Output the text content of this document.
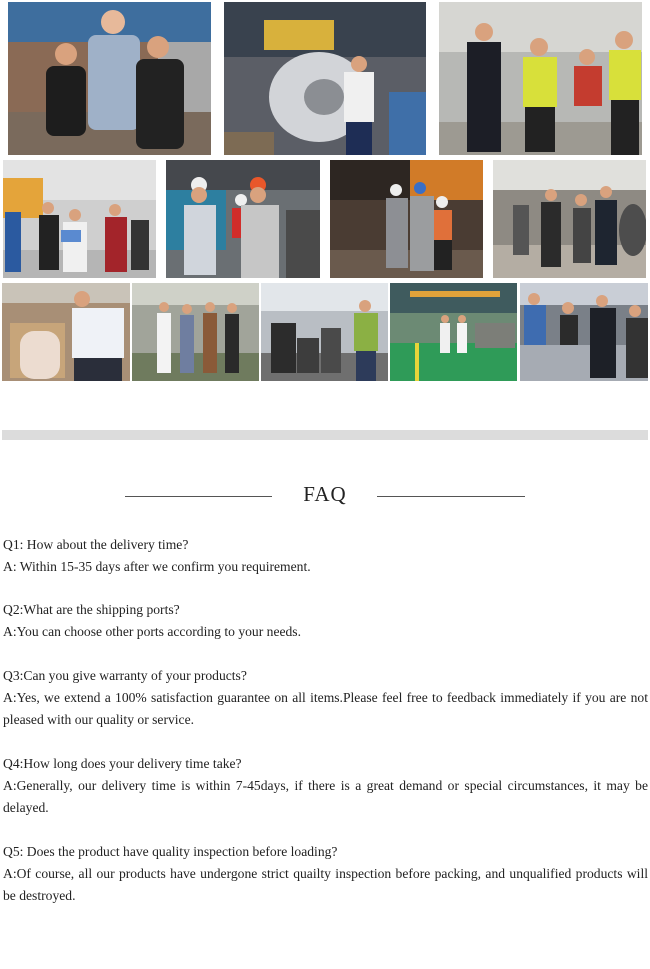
FAQ

Q1: How about the delivery time?

A: Within 15-35 days after we confirm you requirement.

Q2:What are the shipping ports?

A:You can choose other ports according to your needs.

Q3:Can you give warranty of your products?

A:Yes, we extend a 100% satisfaction guarantee on all items.Please feel free to feedback immediately if you are not pleased with our quality or service.

Q4:How long does your delivery time take?

A:Generally, our delivery time is within 7-45days, if there is a great demand or special circumstances, it may be delayed.

Q5: Does the product have quality inspection before loading?

A:Of course, all our products have undergone strict quailty inspection before packing, and unqualified products will be destroyed.
